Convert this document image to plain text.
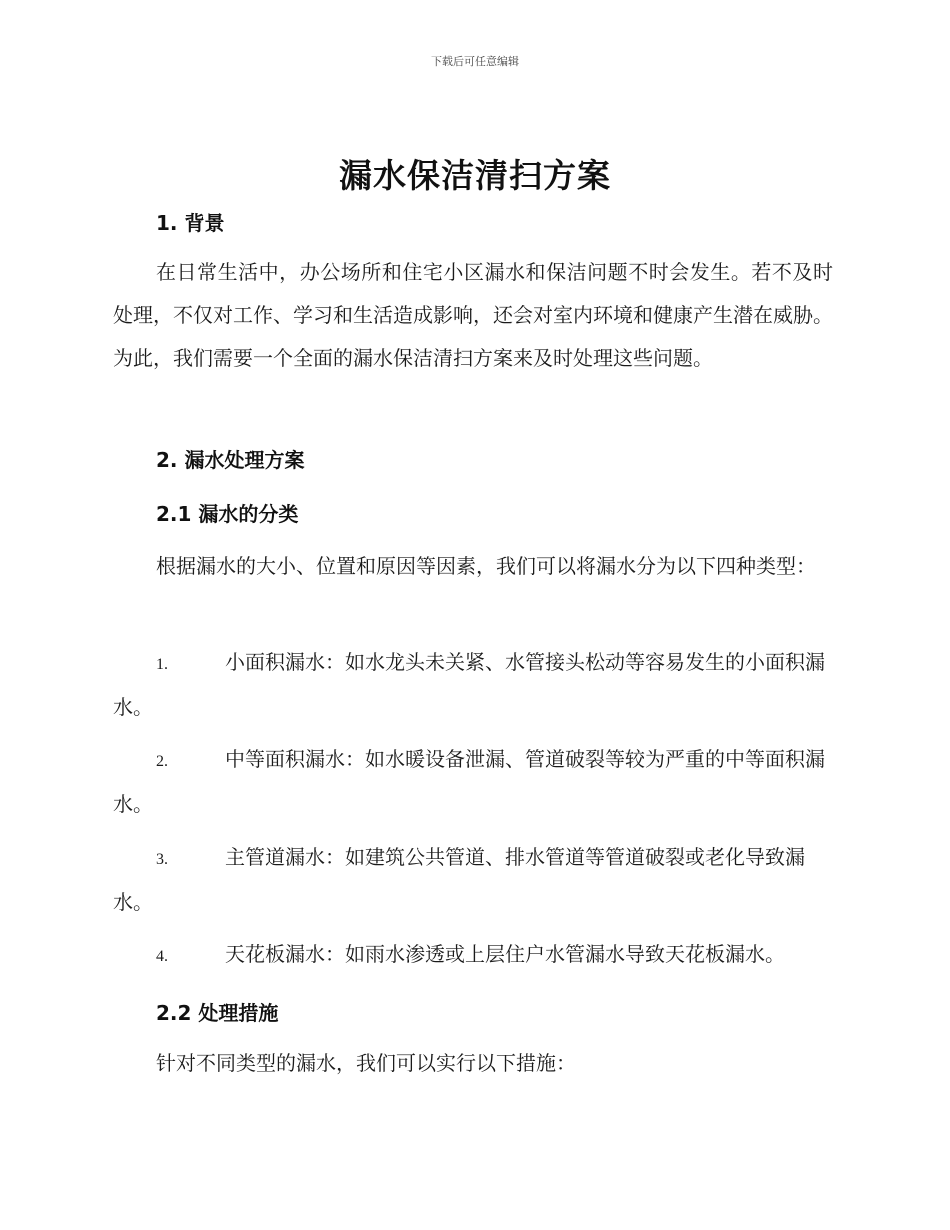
下载后可任意编辑
漏水保洁清扫方案
1. 背景

在日常生活中，办公场所和住宅小区漏水和保洁问题不时会发生。若不及时处理，不仅对工作、学习和生活造成影响，还会对室内环境和健康产生潜在威胁。为此，我们需要一个全面的漏水保洁清扫方案来及时处理这些问题。

2. 漏水处理方案
2.1 漏水的分类

根据漏水的大小、位置和原因等因素，我们可以将漏水分为以下四种类型：

1.	小面积漏水：如水龙头未关紧、水管接头松动等容易发生的小面积漏水。

2.	中等面积漏水：如水暖设备泄漏、管道破裂等较为严重的中等面积漏水。

3.	主管道漏水：如建筑公共管道、排水管道等管道破裂或老化导致漏水。

4.	天花板漏水：如雨水渗透或上层住户水管漏水导致天花板漏水。

2.2 处理措施

针对不同类型的漏水，我们可以实行以下措施：
